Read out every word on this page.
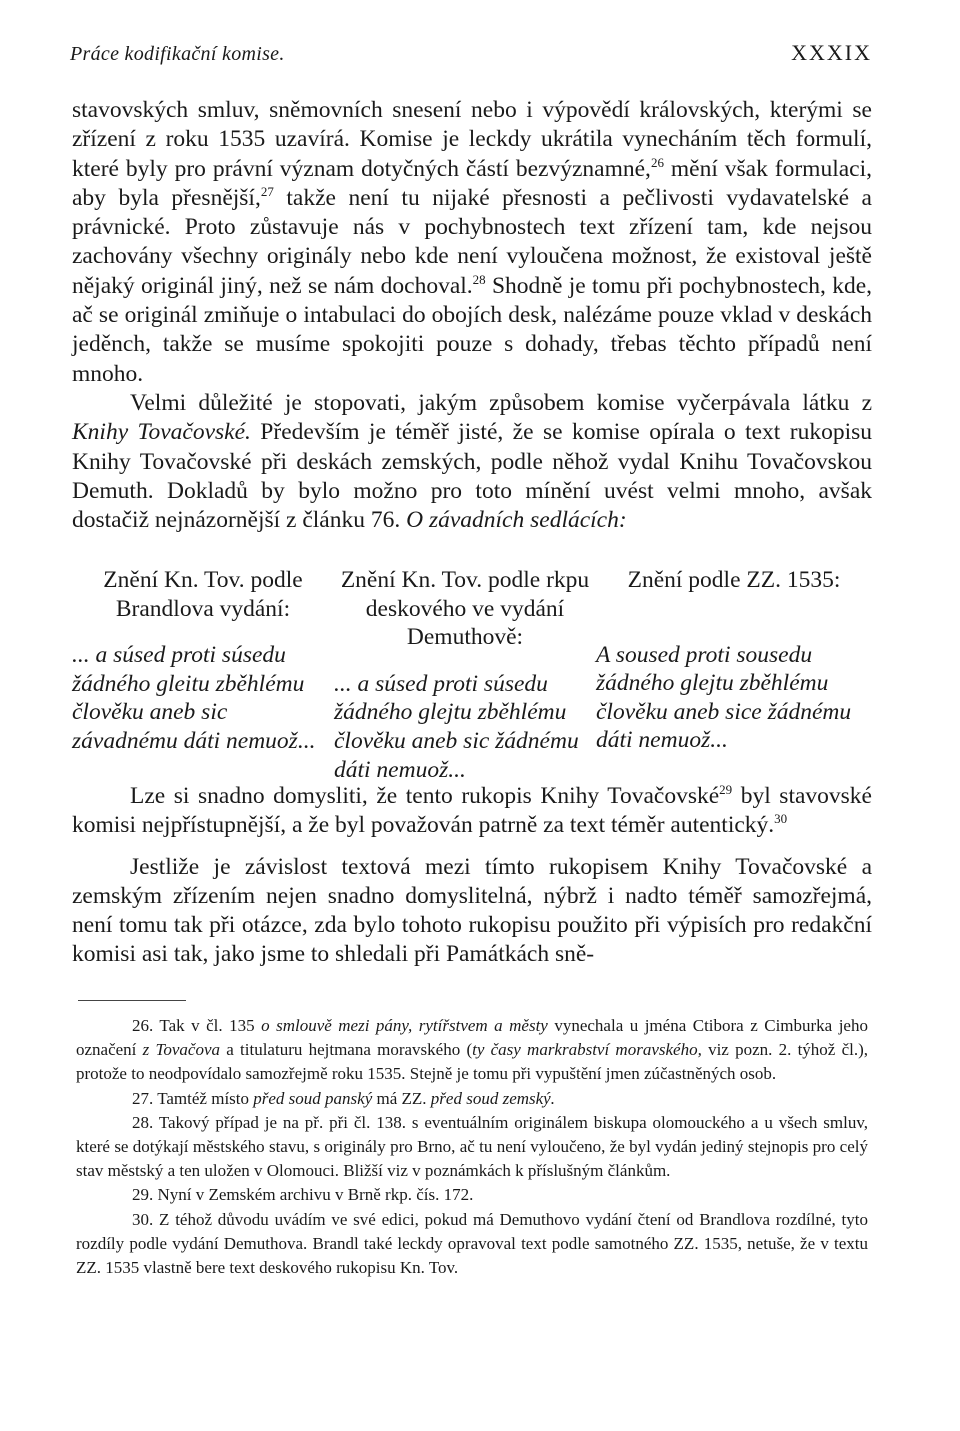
Práce kodifikační komise.	XXXIX

stavovských smluv, sněmovních snesení nebo i výpovědí královských, kterými se zřízení z roku 1535 uzavírá. Komise je leckdy ukrátila vynecháním těch formulí, které byly pro právní význam dotyčných částí bezvýznamné,$^{26}$ mění však formulaci, aby byla přesnější,$^{27}$ takže není tu nijaké přesnosti a pečlivosti vydavatelské a právnické. Proto zůstavuje nás v pochybnostech text zřízení tam, kde nejsou zachovány všechny originály nebo kde není vyloučena možnost, že existoval ještě nějaký originál jiný, než se nám dochoval.$^{28}$ Shodně je tomu při pochybnostech, kde, ač se originál zmiňuje o intabulaci do obojích desk, nalézáme pouze vklad v deskách jeděnch, takže se musíme spokojiti pouze s dohady, třebas těchto případů není mnoho.

Velmi důležité je stopovati, jakým způsobem komise vyčerpávala látku z Knihy Tovačovské. Především je téměř jisté, že se komise opírala o text rukopisu Knihy Tovačovské při deskách zemských, podle něhož vydal Knihu Tovačovskou Demuth. Dokladů by bylo možno pro toto mínění uvést velmi mnoho, avšak dostačiž nejnázornější z článku 76. O závadních sedlácích:

Znění Kn. Tov. podle Brandlova vydání:
... a súsed proti súsedu žádného gleitu zběhlému člověku aneb sic závadnému dáti nemuož...
Znění Kn. Tov. podle rkpu deskového ve vydání Demuthově:
... a súsed proti súsedu žádného glejtu zběhlému člověku aneb sic žádnému dáti nemuož...
Znění podle ZZ. 1535:
A soused proti sousedu žádného glejtu zběhlému člověku aneb sice žádnému dáti nemuož...

Lze si snadno domysliti, že tento rukopis Knihy Tovačovské$^{29}$ byl stavovské komisi nejpřístupnější, a že byl považován patrně za text téměr autentický.$^{30}$

Jestliže je závislost textová mezi tímto rukopisem Knihy Tovačovské a zemským zřízením nejen snadno domyslitelná, nýbrž i nadto téměř samozřejmá, není tomu tak při otázce, zda bylo tohoto rukopisu použito při výpisích pro redakční komisi asi tak, jako jsme to shledali při Památkách sně-

26. Tak v čl. 135 o smlouvě mezi pány, rytířstvem a městy vynechala u jména Ctibora z Cimburka jeho označení z Tovačova a titulaturu hejtmana moravského (ty časy markrabství moravského, viz pozn. 2. týhož čl.), protože to neodpovídalo samozřejmě roku 1535. Stejně je tomu při vypuštění jmen zúčastněných osob.

27. Tamtéž místo před soud panský má ZZ. před soud zemský.

28. Takový případ je na př. při čl. 138. s eventuálním originálem biskupa olomouckého a u všech smluv, které se dotýkají městského stavu, s originály pro Brno, ač tu není vyloučeno, že byl vydán jediný stejnopis pro celý stav městský a ten uložen v Olomouci. Bližší viz v poznámkách k příslušným článkům.

29. Nyní v Zemském archivu v Brně rkp. čís. 172.

30. Z téhož důvodu uvádím ve své edici, pokud má Demuthovo vydání čtení od Brandlova rozdílné, tyto rozdíly podle vydání Demuthova. Brandl také leckdy opravoval text podle samotného ZZ. 1535, netuše, že v textu ZZ. 1535 vlastně bere text deskového rukopisu Kn. Tov.
